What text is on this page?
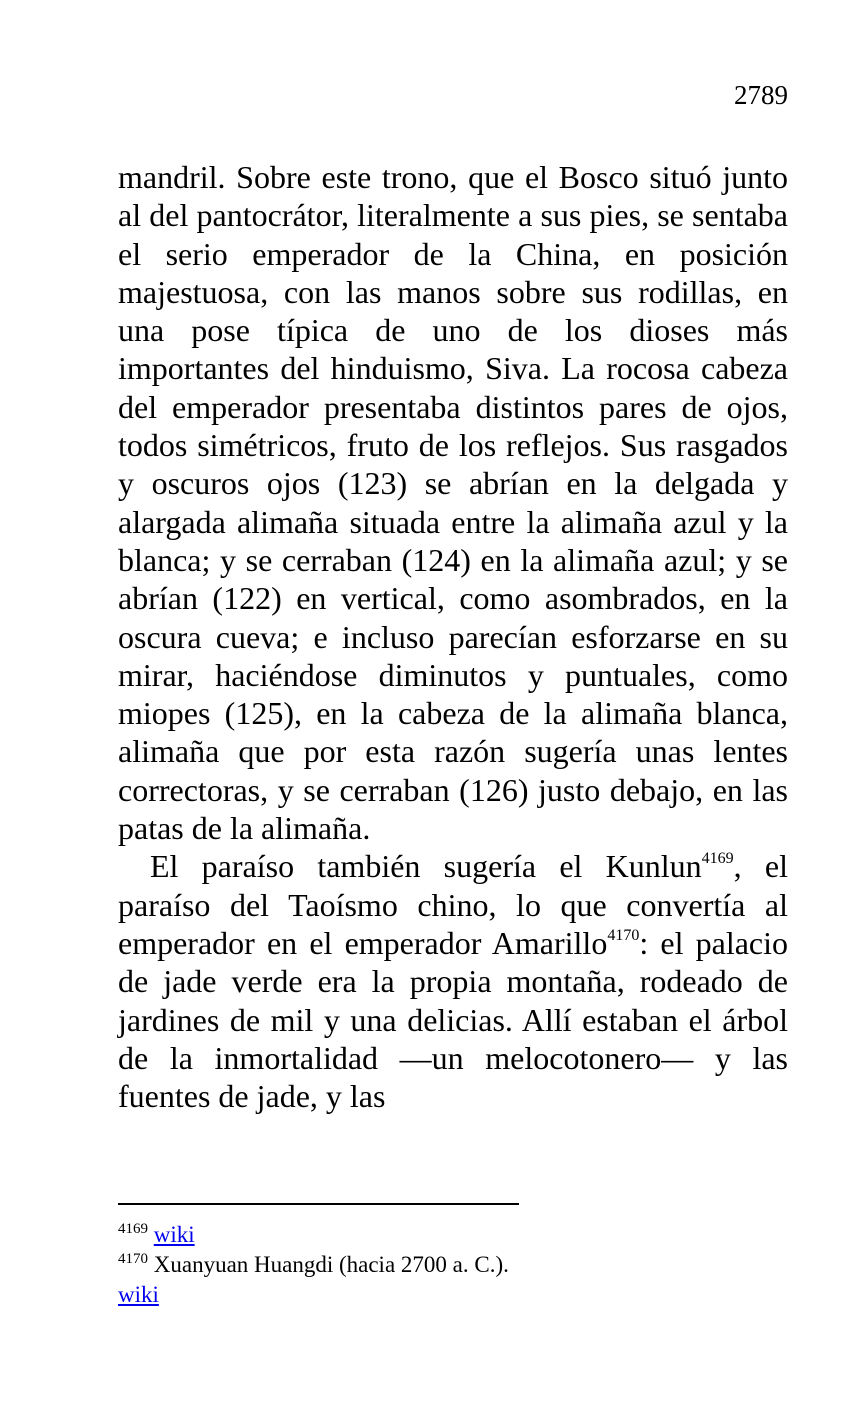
2789

mandril. Sobre este trono, que el Bosco situó junto al del pantocrátor, literalmente a sus pies, se sentaba el serio emperador de la China, en posición majestuosa, con las manos sobre sus rodillas, en una pose típica de uno de los dioses más importantes del hinduismo, Siva. La rocosa cabeza del emperador presentaba distintos pares de ojos, todos simétricos, fruto de los reflejos. Sus rasgados y oscuros ojos (123) se abrían en la delgada y alargada alimaña situada entre la alimaña azul y la blanca; y se cerraban (124) en la alimaña azul; y se abrían (122) en vertical, como asombrados, en la oscura cueva; e incluso parecían esforzarse en su mirar, haciéndose diminutos y puntuales, como miopes (125), en la cabeza de la alimaña blanca, alimaña que por esta razón sugería unas lentes correctoras, y se cerraban (126) justo debajo, en las patas de la alimaña.

El paraíso también sugería el Kunlun$^{4169}$, el paraíso del Taoísmo chino, lo que convertía al emperador en el emperador Amarillo$^{4170}$: el palacio de jade verde era la propia montaña, rodeado de jardines de mil y una delicias. Allí estaban el árbol de la inmortalidad —un melocotonero— y las fuentes de jade, y las

$^{4169}$ wiki
$^{4170}$ Xuanyuan Huangdi (hacia 2700 a. C.).
wiki
